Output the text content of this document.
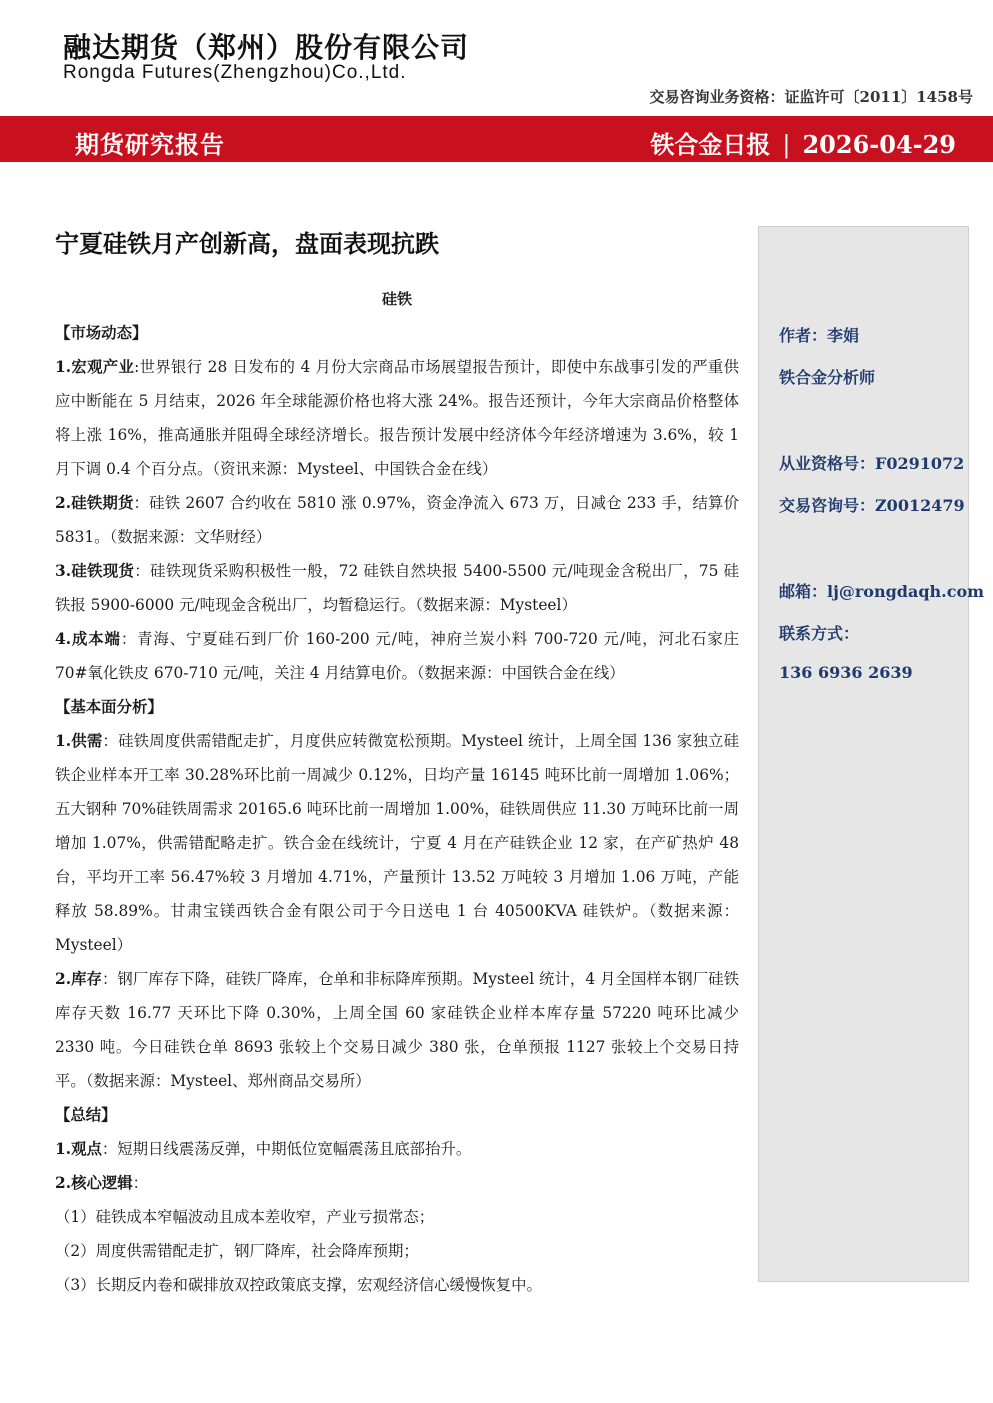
融达期货（郑州）股份有限公司
Rongda Futures(Zhengzhou)Co.,Ltd.
交易咨询业务资格：证监许可〔2011〕1458号
期货研究报告	铁合金日报 | 2026-04-29
作者：李娟
铁合金分析师
从业资格号：F0291072
交易咨询号：Z0012479
邮箱：lj@rongdaqh.com
联系方式：
136 6936 2639
宁夏硅铁月产创新高，盘面表现抗跌
硅铁

【市场动态】

1.宏观产业:世界银行 28 日发布的 4 月份大宗商品市场展望报告预计，即使中东战事引发的严重供应中断能在 5 月结束，2026 年全球能源价格也将大涨 24%。报告还预计，今年大宗商品价格整体将上涨 16%，推高通胀并阻碍全球经济增长。报告预计发展中经济体今年经济增速为 3.6%，较 1 月下调 0.4 个百分点。（资讯来源：Mysteel、中国铁合金在线）

2.硅铁期货：硅铁 2607 合约收在 5810 涨 0.97%，资金净流入 673 万，日减仓 233 手，结算价 5831。（数据来源：文华财经）

3.硅铁现货：硅铁现货采购积极性一般，72 硅铁自然块报 5400-5500 元/吨现金含税出厂，75 硅铁报 5900-6000 元/吨现金含税出厂，均暂稳运行。（数据来源：Mysteel）

4.成本端：青海、宁夏硅石到厂价 160-200 元/吨，神府兰炭小料 700-720 元/吨，河北石家庄 70#氧化铁皮 670-710 元/吨，关注 4 月结算电价。（数据来源：中国铁合金在线）

【基本面分析】

1.供需：硅铁周度供需错配走扩，月度供应转微宽松预期。Mysteel 统计，上周全国 136 家独立硅铁企业样本开工率 30.28%环比前一周减少 0.12%，日均产量 16145 吨环比前一周增加 1.06%；五大钢种 70%硅铁周需求 20165.6 吨环比前一周增加 1.00%，硅铁周供应 11.30 万吨环比前一周增加 1.07%，供需错配略走扩。铁合金在线统计，宁夏 4 月在产硅铁企业 12 家，在产矿热炉 48 台，平均开工率 56.47%较 3 月增加 4.71%，产量预计 13.52 万吨较 3 月增加 1.06 万吨，产能释放 58.89%。甘肃宝镁西铁合金有限公司于今日送电 1 台 40500KVA 硅铁炉。（数据来源：Mysteel）

2.库存：钢厂库存下降，硅铁厂降库，仓单和非标降库预期。Mysteel 统计，4 月全国样本钢厂硅铁库存天数 16.77 天环比下降 0.30%，上周全国 60 家硅铁企业样本库存量 57220 吨环比减少 2330 吨。今日硅铁仓单 8693 张较上个交易日减少 380 张，仓单预报 1127 张较上个交易日持平。（数据来源：Mysteel、郑州商品交易所）

【总结】

1.观点：短期日线震荡反弹，中期低位宽幅震荡且底部抬升。

2.核心逻辑：

（1）硅铁成本窄幅波动且成本差收窄，产业亏损常态；

（2）周度供需错配走扩，钢厂降库，社会降库预期；

（3）长期反内卷和碳排放双控政策底支撑，宏观经济信心缓慢恢复中。
